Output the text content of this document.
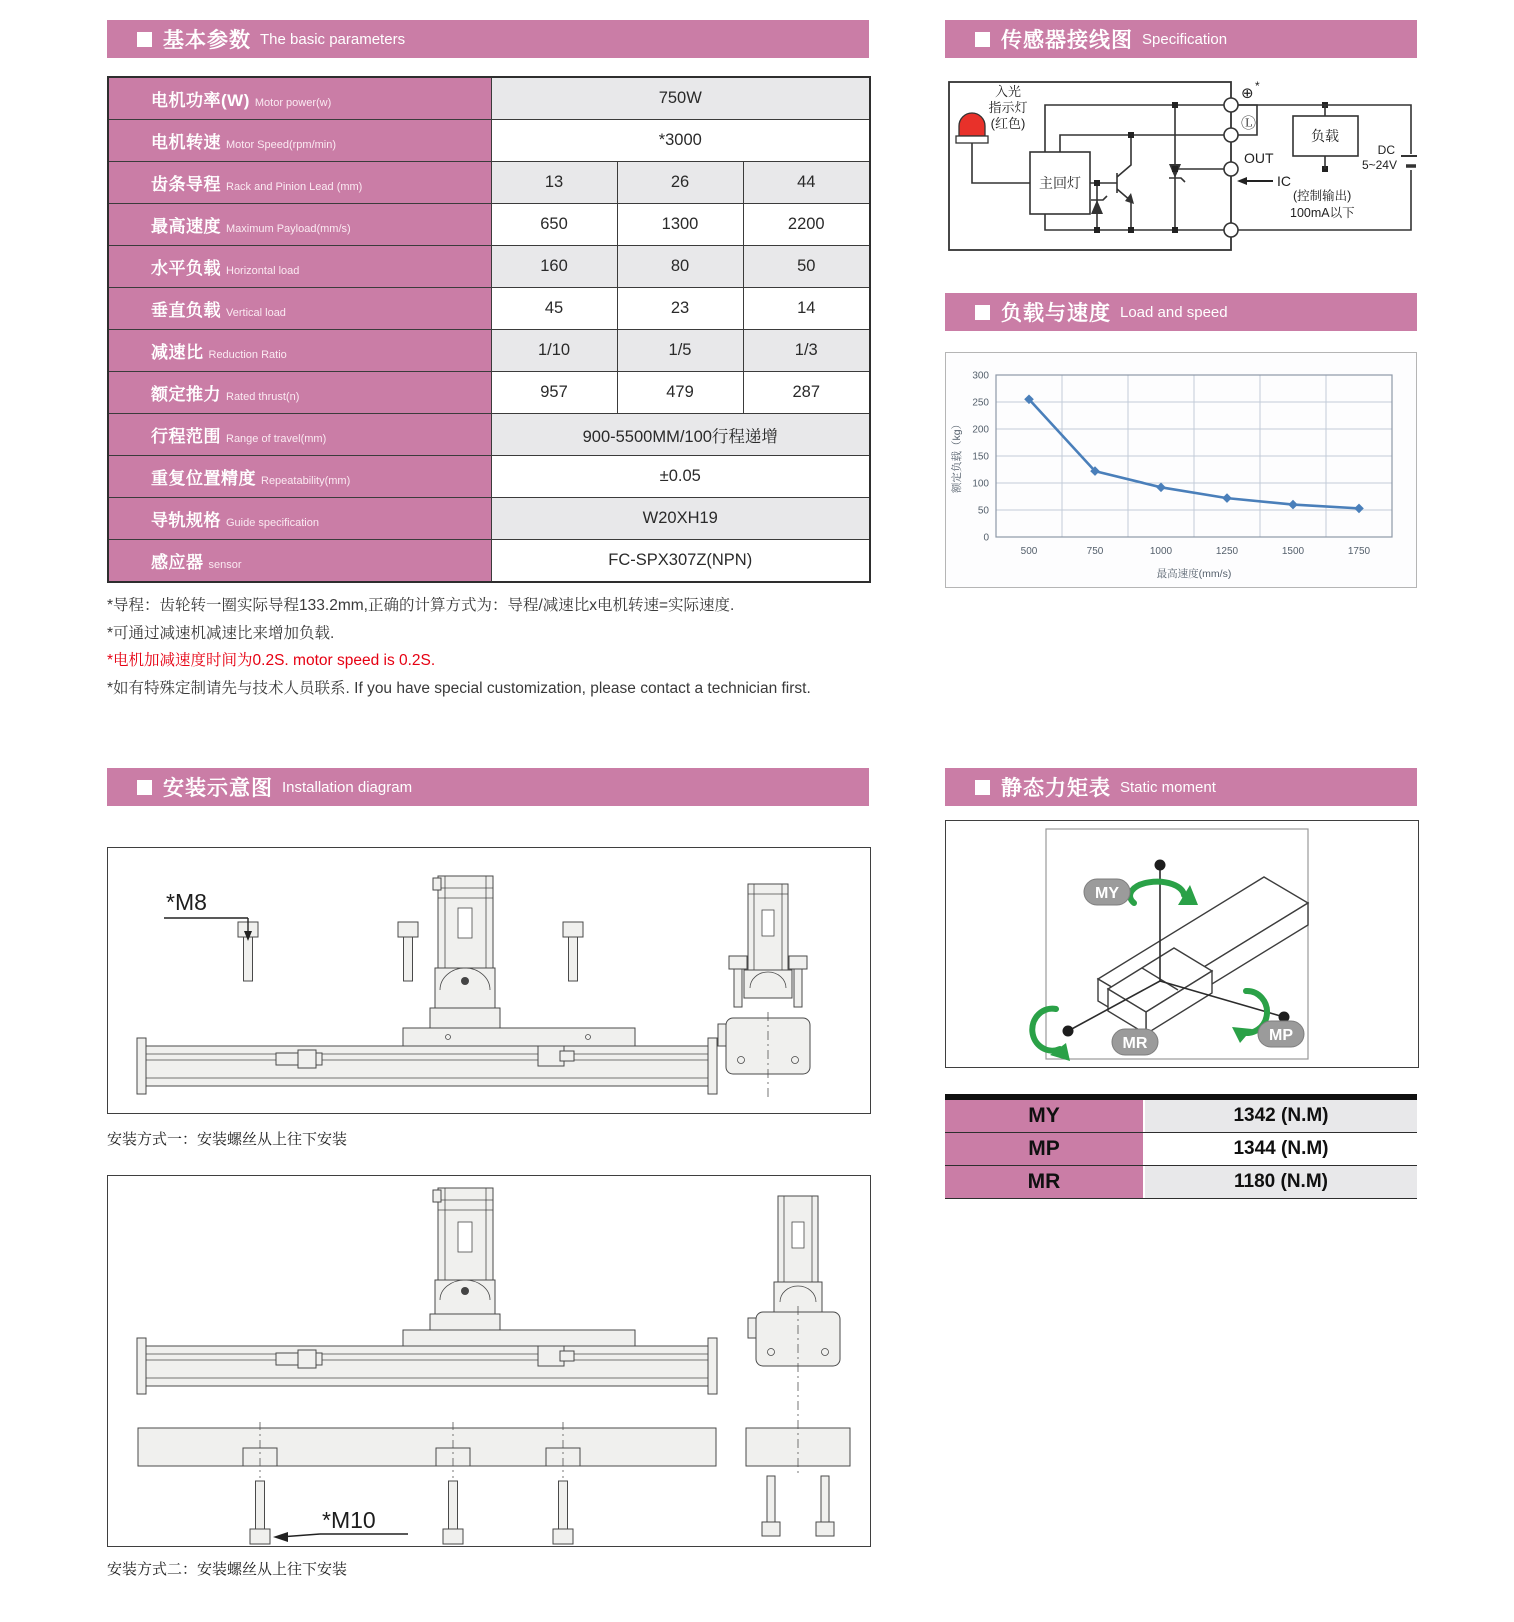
基本参数 The basic parameters
电机功率(W) Motor power(w)	750W		
电机转速 Motor Speed(rpm/min)	*3000		
齿条导程 Rack and Pinion Lead (mm)	13	26	44
最高速度 Maximum Payload(mm/s)	650	1300	2200
水平负载 Horizontal load	160	80	50
垂直负载 Vertical load	45	23	14
减速比 Reduction Ratio	1/10	1/5	1/3
额定推力 Rated thrust(n)	957	479	287
行程范围 Range of travel(mm)	900-5500MM/100行程递增		
重复位置精度 Repeatability(mm)	±0.05		
导轨规格 Guide specification	W20XH19		
感应器 sensor	FC-SPX307Z(NPN)		
*导程：齿轮转一圈实际导程133.2mm,正确的计算方式为：导程/减速比x电机转速=实际速度.
*可通过减速机减速比来增加负载.
*电机加减速度时间为0.2S. motor speed is 0.2S.
*如有特殊定制请先与技术人员联系. If you have special customization, please contact a technician first.
安装示意图 Installation diagram
*M8
安装方式一：安装螺丝从上往下安装
*M10
安装方式二：安装螺丝从上往下安装
传感器接线图 Specification
入光
指示灯
(红色)
主回灯
负载
DC
5~24V
⊕ *
Ⓛ
OUT
IC
(控制输出)
100mA以下
负载与速度 Load and speed
0
50
100
150
200
250
300
500	750	1000	1250	1500	1750
最高速度(mm/s)
额定负载（kg）
静态力矩表 Static moment
MY
MP
MR
MY	1342 (N.M)
MP	1344 (N.M)
MR	1180 (N.M)
